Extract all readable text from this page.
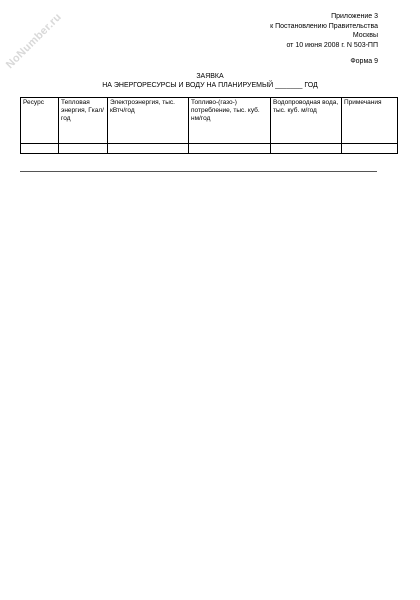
NoNumber.ru	Приложение 3
к Постановлению Правительства
Москвы
от 10 июня 2008 г. N 503-ПП
Форма 9
ЗАЯВКА
НА ЭНЕРГОРЕСУРСЫ И ВОДУ НА ПЛАНИРУЕМЫЙ _______ ГОД
Ресурс	Тепловая энергия, Гкал/год	Электроэнергия, тыс. кВтч/год	Топливо-(газо-) потребление, тыс. куб. нм/год	Водопроводная вода, тыс. куб. м/год	Примечания
